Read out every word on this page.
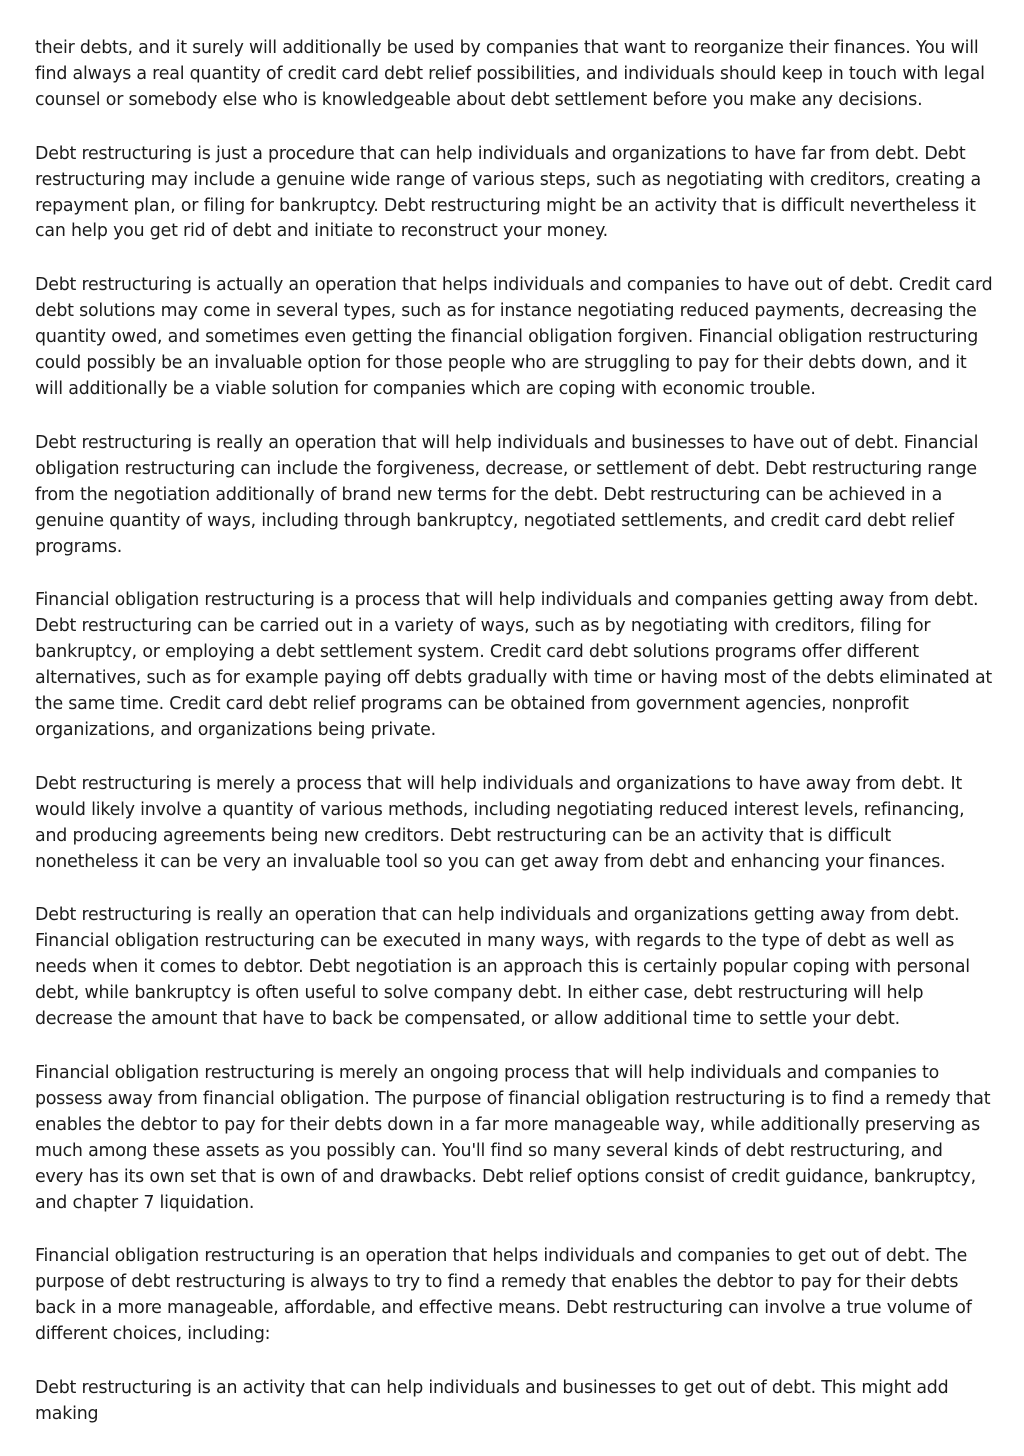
their debts, and it surely will additionally be used by companies that want to reorganize their finances. You will find always a real quantity of credit card debt relief possibilities, and individuals should keep in touch with legal counsel or somebody else who is knowledgeable about debt settlement before you make any decisions.

Debt restructuring is just a procedure that can help individuals and organizations to have far from debt. Debt restructuring may include a genuine wide range of various steps, such as negotiating with creditors, creating a repayment plan, or filing for bankruptcy. Debt restructuring might be an activity that is difficult nevertheless it can help you get rid of debt and initiate to reconstruct your money.

Debt restructuring is actually an operation that helps individuals and companies to have out of debt. Credit card debt solutions may come in several types, such as for instance negotiating reduced payments, decreasing the quantity owed, and sometimes even getting the financial obligation forgiven. Financial obligation restructuring could possibly be an invaluable option for those people who are struggling to pay for their debts down, and it will additionally be a viable solution for companies which are coping with economic trouble.

Debt restructuring is really an operation that will help individuals and businesses to have out of debt. Financial obligation restructuring can include the forgiveness, decrease, or settlement of debt. Debt restructuring range from the negotiation additionally of brand new terms for the debt. Debt restructuring can be achieved in a genuine quantity of ways, including through bankruptcy, negotiated settlements, and credit card debt relief programs.

Financial obligation restructuring is a process that will help individuals and companies getting away from debt. Debt restructuring can be carried out in a variety of ways, such as by negotiating with creditors, filing for bankruptcy, or employing a debt settlement system. Credit card debt solutions programs offer different alternatives, such as for example paying off debts gradually with time or having most of the debts eliminated at the same time. Credit card debt relief programs can be obtained from government agencies, nonprofit organizations, and organizations being private.

Debt restructuring is merely a process that will help individuals and organizations to have away from debt. It would likely involve a quantity of various methods, including negotiating reduced interest levels, refinancing, and producing agreements being new creditors. Debt restructuring can be an activity that is difficult nonetheless it can be very an invaluable tool so you can get away from debt and enhancing your finances.

Debt restructuring is really an operation that can help individuals and organizations getting away from debt. Financial obligation restructuring can be executed in many ways, with regards to the type of debt as well as needs when it comes to debtor. Debt negotiation is an approach this is certainly popular coping with personal debt, while bankruptcy is often useful to solve company debt. In either case, debt restructuring will help decrease the amount that have to back be compensated, or allow additional time to settle your debt.

Financial obligation restructuring is merely an ongoing process that will help individuals and companies to possess away from financial obligation. The purpose of financial obligation restructuring is to find a remedy that enables the debtor to pay for their debts down in a far more manageable way, while additionally preserving as much among these assets as you possibly can. You'll find so many several kinds of debt restructuring, and every has its own set that is own of and drawbacks. Debt relief options consist of credit guidance, bankruptcy, and chapter 7 liquidation.

Financial obligation restructuring is an operation that helps individuals and companies to get out of debt. The purpose of debt restructuring is always to try to find a remedy that enables the debtor to pay for their debts back in a more manageable, affordable, and effective means. Debt restructuring can involve a true volume of different choices, including:

Debt restructuring is an activity that can help individuals and businesses to get out of debt. This might add making
